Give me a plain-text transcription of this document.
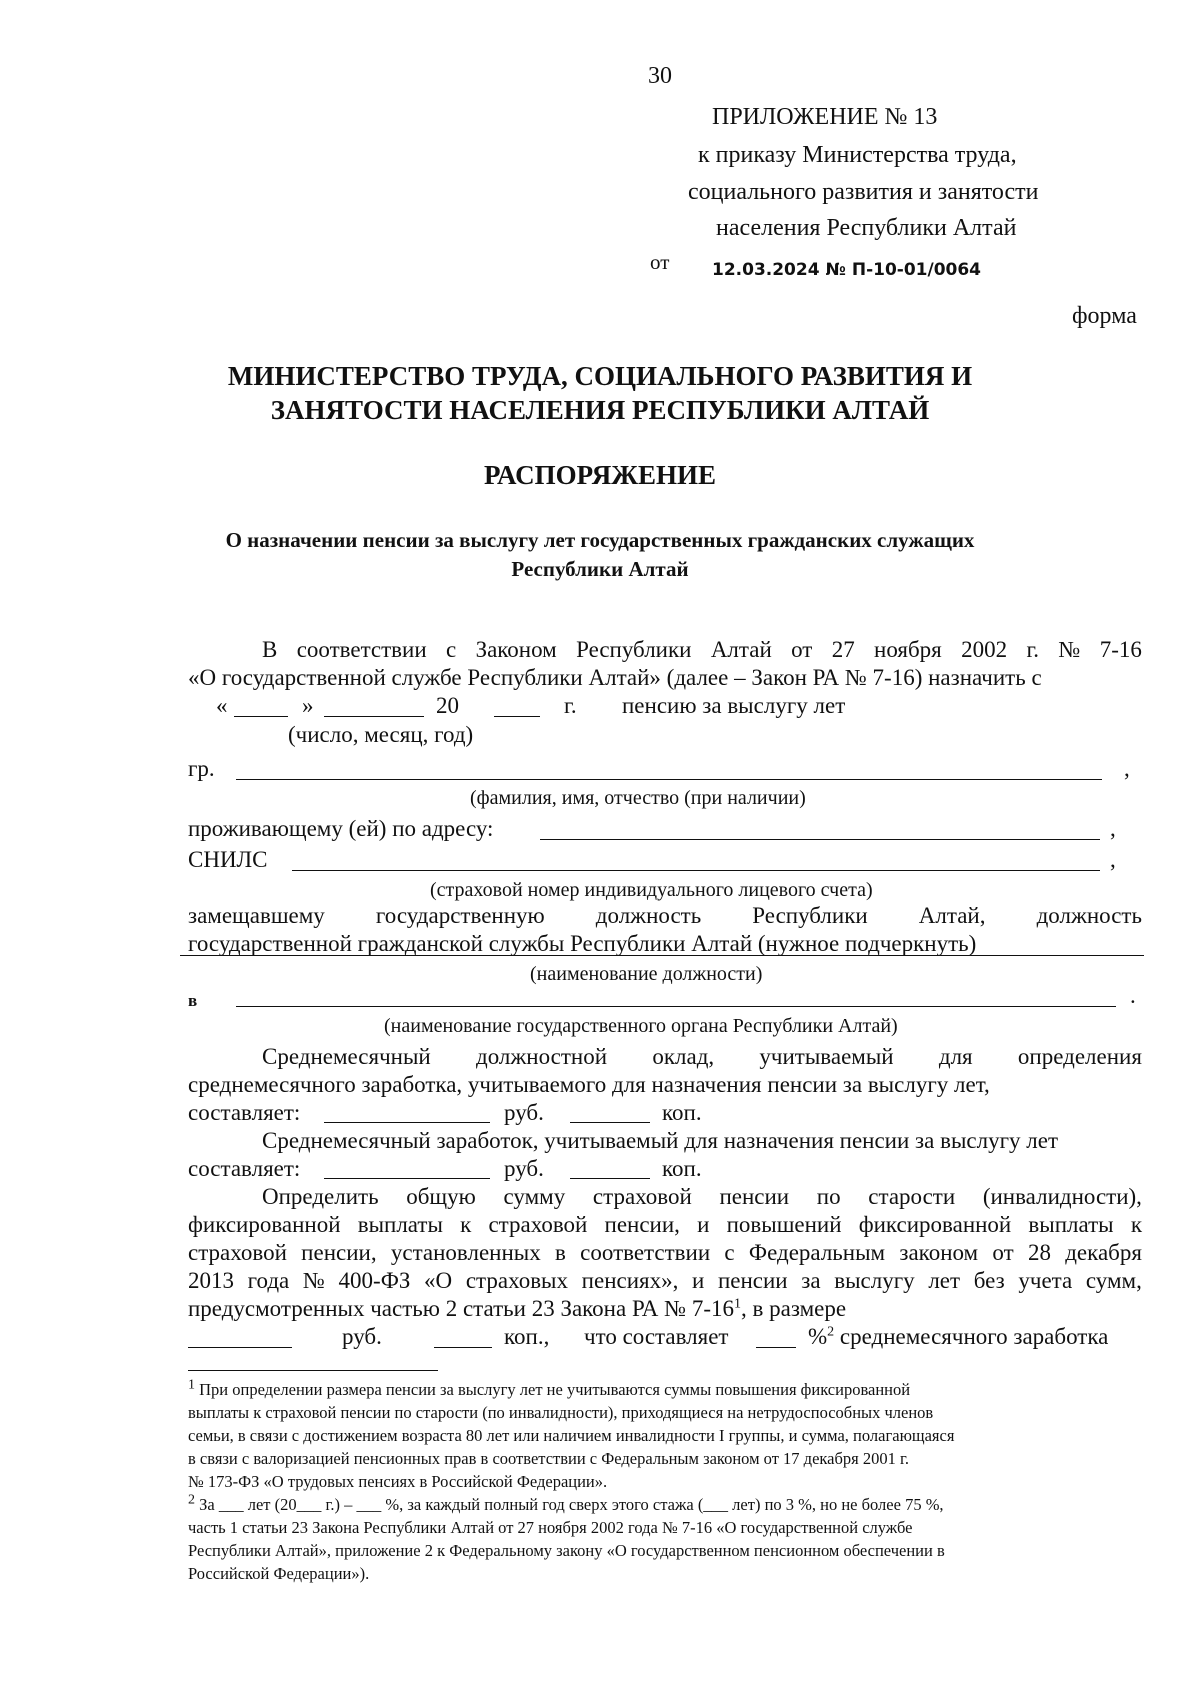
30
ПРИЛОЖЕНИЕ № 13
к приказу Министерства труда,
социального развития и занятости
населения Республики Алтай
от	12.03.2024 № П-10-01/0064
форма
МИНИСТЕРСТВО ТРУДА, СОЦИАЛЬНОГО РАЗВИТИЯ И
ЗАНЯТОСТИ НАСЕЛЕНИЯ РЕСПУБЛИКИ АЛТАЙ
РАСПОРЯЖЕНИЕ
О назначении пенсии за выслугу лет государственных гражданских служащих
Республики Алтай
В соответствии с Законом Республики Алтай от 27 ноября 2002 г. № 7-16
«О государственной службе Республики Алтай» (далее – Закон РА № 7-16) назначить с
«	»	20	г. пенсию за выслугу лет
(число, месяц, год)
гр.	,
(фамилия, имя, отчество (при наличии)
проживающему (ей) по адресу:	,
СНИЛС	,
(страховой номер индивидуального лицевого счета)
замещавшему государственную должность Республики Алтай, должность
государственной гражданской службы Республики Алтай (нужное подчеркнуть)
(наименование должности)
в	.
(наименование государственного органа Республики Алтай)
Среднемесячный должностной оклад, учитываемый для определения
среднемесячного заработка, учитываемого для назначения пенсии за выслугу лет,
составляет:	руб.	коп.
Среднемесячный заработок, учитываемый для назначения пенсии за выслугу лет
составляет:	руб.	коп.
Определить общую сумму страховой пенсии по старости (инвалидности),
фиксированной выплаты к страховой пенсии, и повышений фиксированной выплаты к
страховой пенсии, установленных в соответствии с Федеральным законом от 28 декабря
2013 года № 400-ФЗ «О страховых пенсиях», и пенсии за выслугу лет без учета сумм,
предусмотренных частью 2 статьи 23 Закона РА № $7-16^1$, в размере
руб.	коп., что составляет	%$^2$ среднемесячного заработка
$^1$ При определении размера пенсии за выслугу лет не учитываются суммы повышения фиксированной
выплаты к страховой пенсии по старости (по инвалидности), приходящиеся на нетрудоспособных членов
семьи, в связи с достижением возраста 80 лет или наличием инвалидности I группы, и сумма, полагающаяся
в связи с валоризацией пенсионных прав в соответствии с Федеральным законом от 17 декабря 2001 г.
№ 173-ФЗ «О трудовых пенсиях в Российской Федерации».
$^2$ За ___ лет (20___ г.) – ___ %, за каждый полный год сверх этого стажа (___ лет) по 3 %, но не более 75 %,
часть 1 статьи 23 Закона Республики Алтай от 27 ноября 2002 года № 7-16 «О государственной службе
Республики Алтай», приложение 2 к Федеральному закону «О государственном пенсионном обеспечении в
Российской Федерации»).
